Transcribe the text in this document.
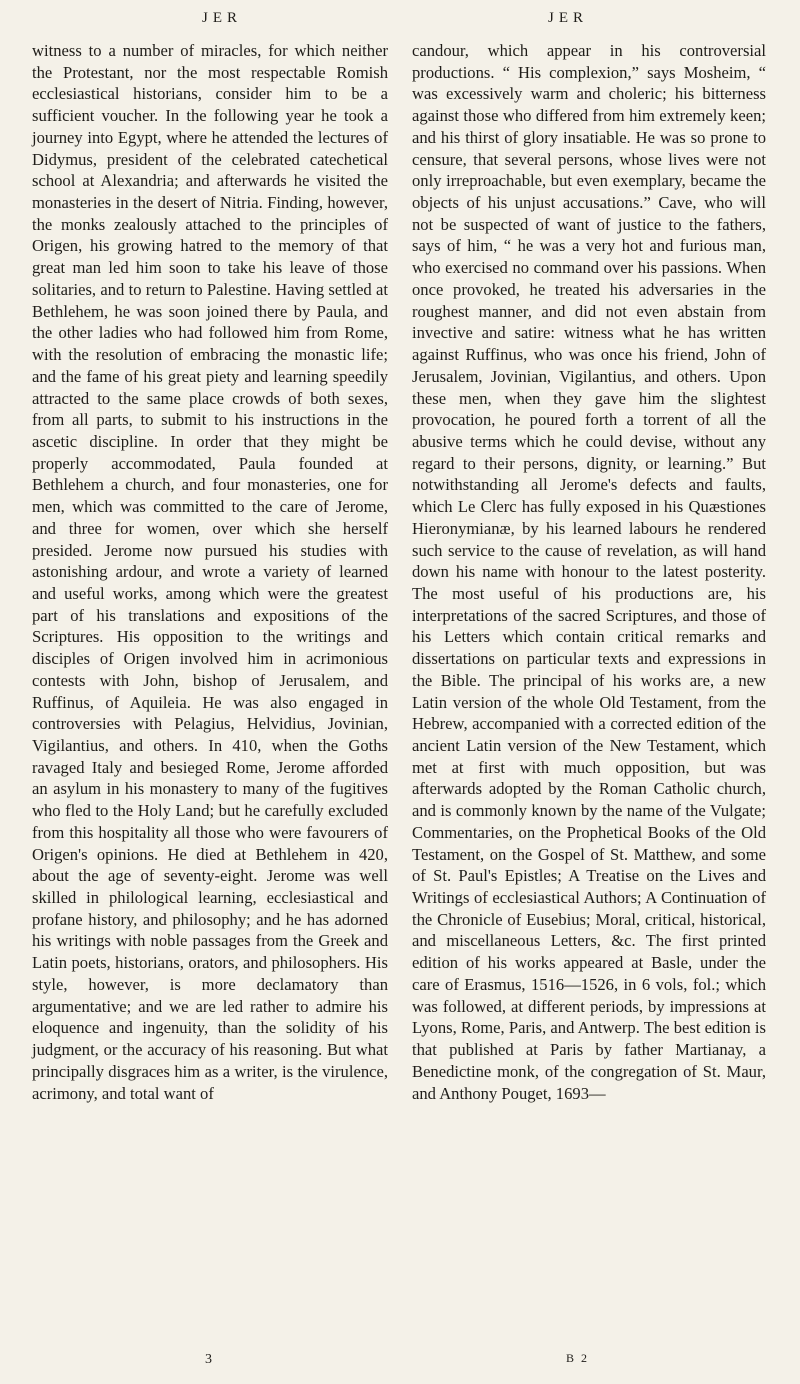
JER	JER
witness to a number of miracles, for which neither the Protestant, nor the most respectable Romish ecclesiastical historians, consider him to be a sufficient voucher. In the following year he took a journey into Egypt, where he attended the lectures of Didymus, president of the celebrated catechetical school at Alexandria; and afterwards he visited the monasteries in the desert of Nitria. Finding, however, the monks zealously attached to the principles of Origen, his growing hatred to the memory of that great man led him soon to take his leave of those solitaries, and to return to Palestine. Having settled at Bethlehem, he was soon joined there by Paula, and the other ladies who had followed him from Rome, with the resolution of embracing the monastic life; and the fame of his great piety and learning speedily attracted to the same place crowds of both sexes, from all parts, to submit to his instructions in the ascetic discipline. In order that they might be properly accommodated, Paula founded at Bethlehem a church, and four monasteries, one for men, which was committed to the care of Jerome, and three for women, over which she herself presided. Jerome now pursued his studies with astonishing ardour, and wrote a variety of learned and useful works, among which were the greatest part of his translations and expositions of the Scriptures. His opposition to the writings and disciples of Origen involved him in acrimonious contests with John, bishop of Jerusalem, and Ruffinus, of Aquileia. He was also engaged in controversies with Pelagius, Helvidius, Jovinian, Vigilantius, and others. In 410, when the Goths ravaged Italy and besieged Rome, Jerome afforded an asylum in his monastery to many of the fugitives who fled to the Holy Land; but he carefully excluded from this hospitality all those who were favourers of Origen's opinions. He died at Bethlehem in 420, about the age of seventy-eight. Jerome was well skilled in philological learning, ecclesiastical and profane history, and philosophy; and he has adorned his writings with noble passages from the Greek and Latin poets, historians, orators, and philosophers. His style, however, is more declamatory than argumentative; and we are led rather to admire his eloquence and ingenuity, than the solidity of his judgment, or the accuracy of his reasoning. But what principally disgraces him as a writer, is the virulence, acrimony, and total want of
candour, which appear in his controversial productions. “ His complexion,” says Mosheim, “ was excessively warm and choleric; his bitterness against those who differed from him extremely keen; and his thirst of glory insatiable. He was so prone to censure, that several persons, whose lives were not only irreproachable, but even exemplary, became the objects of his unjust accusations.” Cave, who will not be suspected of want of justice to the fathers, says of him, “ he was a very hot and furious man, who exercised no command over his passions. When once provoked, he treated his adversaries in the roughest manner, and did not even abstain from invective and satire: witness what he has written against Ruffinus, who was once his friend, John of Jerusalem, Jovinian, Vigilantius, and others. Upon these men, when they gave him the slightest provocation, he poured forth a torrent of all the abusive terms which he could devise, without any regard to their persons, dignity, or learning.” But notwithstanding all Jerome's defects and faults, which Le Clerc has fully exposed in his Quæstiones Hieronymianæ, by his learned labours he rendered such service to the cause of revelation, as will hand down his name with honour to the latest posterity. The most useful of his productions are, his interpretations of the sacred Scriptures, and those of his Letters which contain critical remarks and dissertations on particular texts and expressions in the Bible. The principal of his works are, a new Latin version of the whole Old Testament, from the Hebrew, accompanied with a corrected edition of the ancient Latin version of the New Testament, which met at first with much opposition, but was afterwards adopted by the Roman Catholic church, and is commonly known by the name of the Vulgate; Commentaries, on the Prophetical Books of the Old Testament, on the Gospel of St. Matthew, and some of St. Paul's Epistles; A Treatise on the Lives and Writings of ecclesiastical Authors; A Continuation of the Chronicle of Eusebius; Moral, critical, historical, and miscellaneous Letters, &c. The first printed edition of his works appeared at Basle, under the care of Erasmus, 1516—1526, in 6 vols, fol.; which was followed, at different periods, by impressions at Lyons, Rome, Paris, and Antwerp. The best edition is that published at Paris by father Martianay, a Benedictine monk, of the congregation of St. Maur, and Anthony Pouget, 1693—
3	B 2
